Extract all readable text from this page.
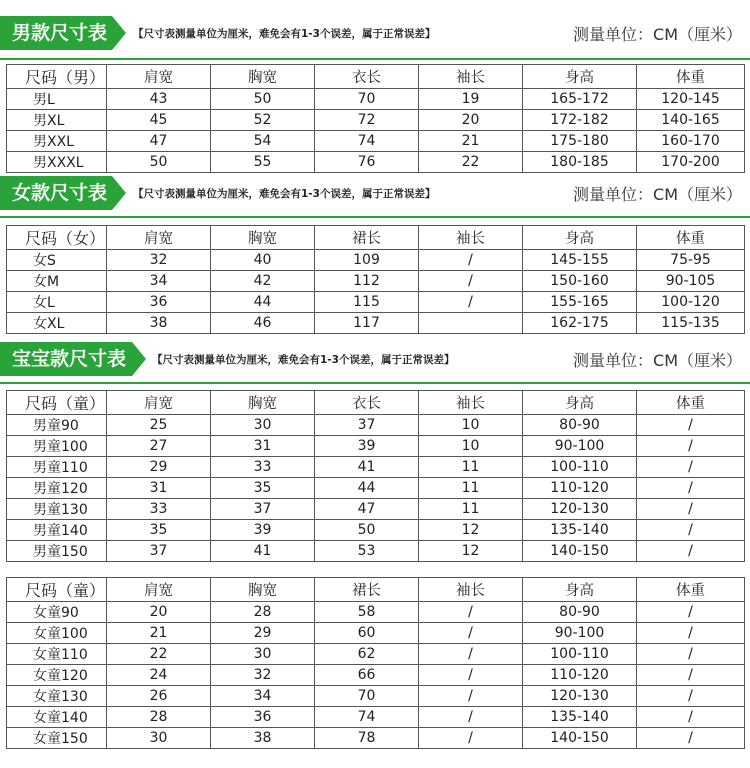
男款尺寸表	【尺寸表测量单位为厘米，难免会有1-3个误差，属于正常误差】	测量单位：CM（厘米）
尺码（男）	肩宽	胸宽	衣长	袖长	身高	体重
男L	43	50	70	19	165-172	120-145
男XL	45	52	72	20	172-182	140-165
男XXL	47	54	74	21	175-180	160-170
男XXXL	50	55	76	22	180-185	170-200
女款尺寸表	【尺寸表测量单位为厘米，难免会有1-3个误差，属于正常误差】	测量单位：CM（厘米）
尺码（女）	肩宽	胸宽	裙长	袖长	身高	体重
女S	32	40	109	/	145-155	75-95
女M	34	42	112	/	150-160	90-105
女L	36	44	115	/	155-165	100-120
女XL	38	46	117		162-175	115-135
宝宝款尺寸表	【尺寸表测量单位为厘米，难免会有1-3个误差，属于正常误差】	测量单位：CM（厘米）
尺码（童）	肩宽	胸宽	衣长	袖长	身高	体重
男童90	25	30	37	10	80-90	/
男童100	27	31	39	10	90-100	/
男童110	29	33	41	11	100-110	/
男童120	31	35	44	11	110-120	/
男童130	33	37	47	11	120-130	/
男童140	35	39	50	12	135-140	/
男童150	37	41	53	12	140-150	/
尺码（童）	肩宽	胸宽	裙长	袖长	身高	体重
女童90	20	28	58	/	80-90	/
女童100	21	29	60	/	90-100	/
女童110	22	30	62	/	100-110	/
女童120	24	32	66	/	110-120	/
女童130	26	34	70	/	120-130	/
女童140	28	36	74	/	135-140	/
女童150	30	38	78	/	140-150	/
